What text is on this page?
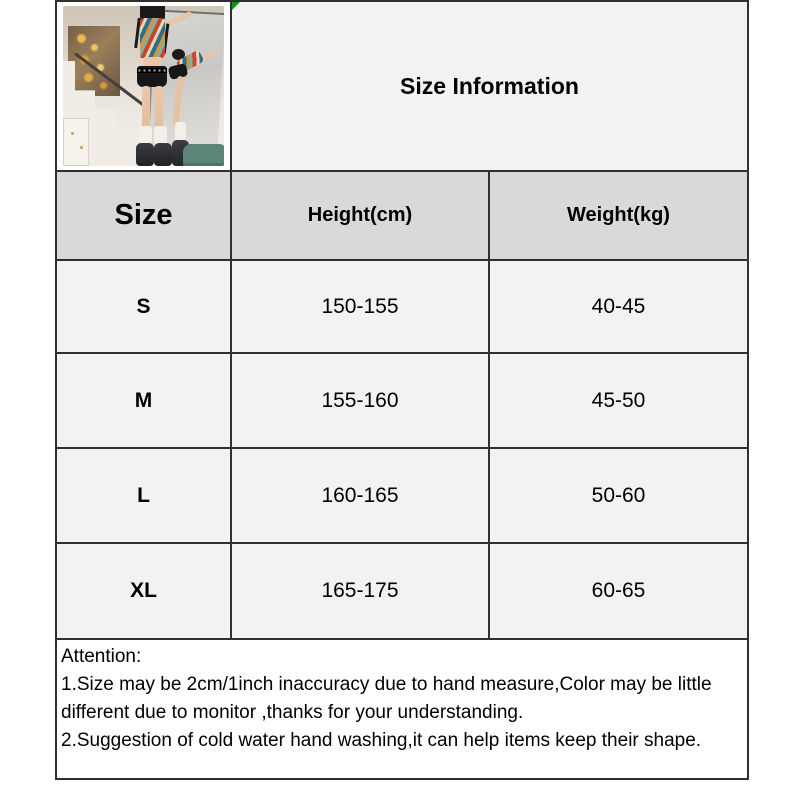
Size Information	
Size	Height(cm)	Weight(kg)
S	150-155	40-45
M	155-160	45-50
L	160-165	50-60
XL	165-175	60-65

Attention:
1.Size may be 2cm/1inch inaccuracy due to hand measure,Color may be little different due to monitor ,thanks for your understanding.
2.Suggestion of cold water hand washing,it can help items keep their shape.		
